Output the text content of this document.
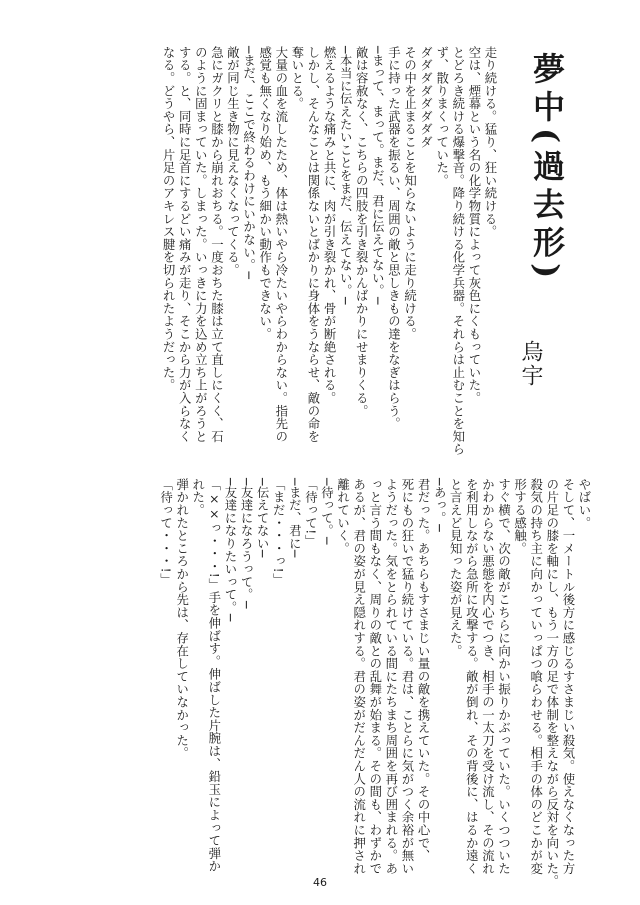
夢中(過去形)
烏宇

走り続ける。猛り、狂い続ける。

空は、煙幕という名の化学物質によって灰色にくもっていた。

とどろき続ける爆撃音。降り続ける化学兵器。それらは止むことを知ら

ず、散りまくっていた。

ダダダダダダダダ

その中を止まることを知らないように走り続ける。

手に持った武器を振るい、周囲の敵と思しきもの達をなぎはらう。

─まって、まって。まだ、君に伝えてない。─

敵は容赦なく、こちらの四肢を引き裂かんばかりにせまりくる。

─本当に伝えたいことをまだ、伝えてない。─

燃えるような痛みと共に、肉が引き裂かれ、骨が断絶される。

しかし、そんなことは関係ないとばかりに身体をうならせ、敵の命を

奪いとる。

大量の血を流したため、体は熱いやら冷たいやらわからない。指先の

感覚も無くなり始め、もう細かい動作もできない。

─まだ、ここで終わるわけにいかない。─

敵が同じ生き物に見えなくなってくる。

急にガクリと膝から崩れおちる。一度おちた膝は立て直しにくく、石

のように固まっていた。しまった。いっきに力を込め立ち上がろうと

する。と、同時に足首にするどい痛みが走り、そこから力が入らなく

なる。どうやら、片足のアキレス腱を切られたようだった。

やばい。

そして、一メートル後方に感じるすさまじい殺気。使えなくなった方

の片足の膝を軸にし、もう一方の足で体制を整えながら反対を向いた。

殺気の持ち主に向かっていっぱつ喰らわせる。相手の体のどこかが変

形する感触。

すぐ横で、次の敵がこちらに向かい振りかぶっていた。いくつついた

かわからない悪態を内心でつき、相手の一太刀を受け流し、その流れ

を利用しながら急所に攻撃する。敵が倒れ、その背後に、はるか遠く

と言えど見知った姿が見えた。

─あっ。─

君だった。あちらもすさまじい量の敵を携えていた。その中心で、

死にもの狂いで猛り続けている。君は、ことらに気がつく余裕が無い

ようだった。気をとられている間にたちまち周囲を再び囲まれる。あ

っと言う間もなく、周りの敵との乱舞が始まる。その間も、わずかで

あるが、君の姿が見え隠れする。君の姿がだんだん人の流れに押され

離れていく。

─待って。─

「待って!」

─まだ、君に─

「まだ・・・っ!」

─伝えてない─

─友達になろうって。─

─友達になりたいって。─

「××っ・・・!」手を伸ばす。伸ばした片腕は、鉛玉によって弾か

れた。

弾かれたところから先は、存在していなかった。

「待って・・・!」

46
